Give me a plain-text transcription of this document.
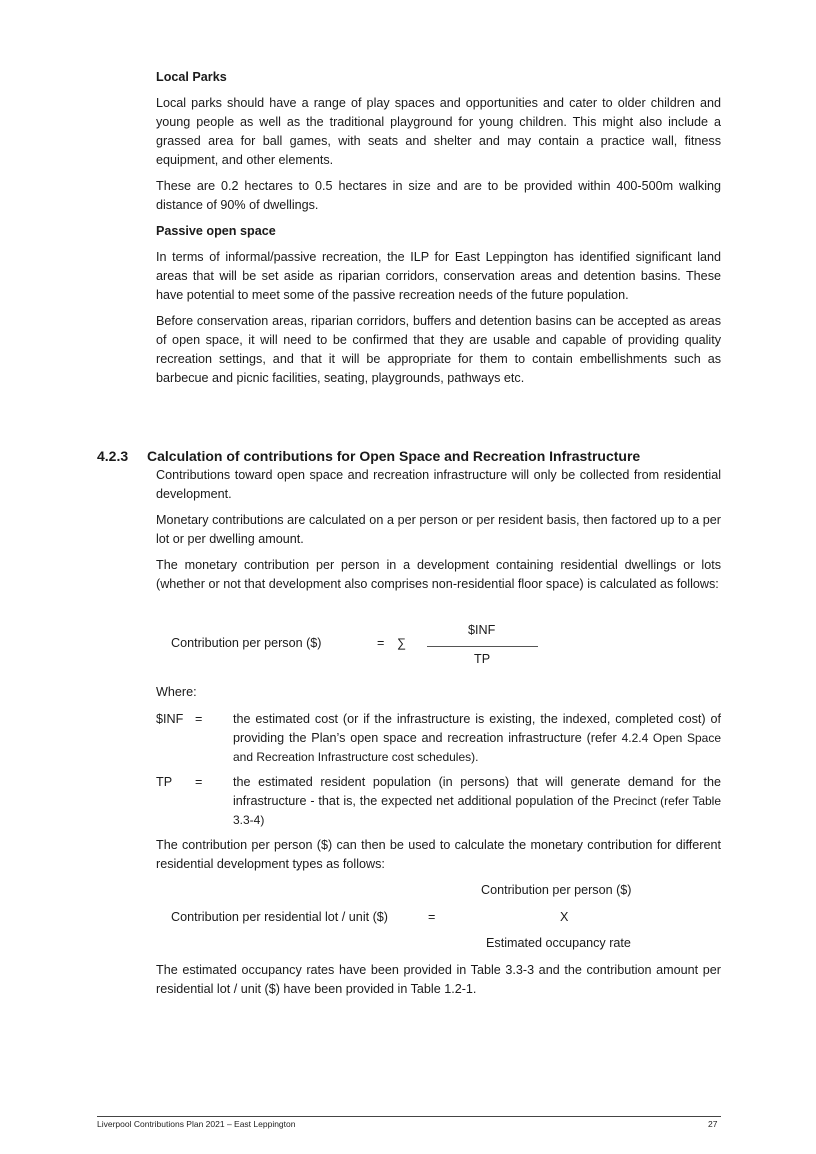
Local Parks

Local parks should have a range of play spaces and opportunities and cater to older children and young people as well as the traditional playground for young children. This might also include a grassed area for ball games, with seats and shelter and may contain a practice wall, fitness equipment, and other elements.

These are 0.2 hectares to 0.5 hectares in size and are to be provided within 400-500m walking distance of 90% of dwellings.

Passive open space

In terms of informal/passive recreation, the ILP for East Leppington has identified significant land areas that will be set aside as riparian corridors, conservation areas and detention basins. These have potential to meet some of the passive recreation needs of the future population.

Before conservation areas, riparian corridors, buffers and detention basins can be accepted as areas of open space, it will need to be confirmed that they are usable and capable of providing quality recreation settings, and that it will be appropriate for them to contain embellishments such as barbecue and picnic facilities, seating, playgrounds, pathways etc.

4.2.3 Calculation of contributions for Open Space and Recreation Infrastructure

Contributions toward open space and recreation infrastructure will only be collected from residential development.

Monetary contributions are calculated on a per person or per resident basis, then factored up to a per lot or per dwelling amount.

The monetary contribution per person in a development containing residential dwellings or lots (whether or not that development also comprises non-residential floor space) is calculated as follows:

Contribution per person ($)	= ∑
$INF
TP
Where:
$INF = the estimated cost (or if the infrastructure is existing, the indexed, completed cost) of providing the Plan’s open space and recreation infrastructure (refer 4.2.4 Open Space and Recreation Infrastructure cost schedules).
TP = the estimated resident population (in persons) that will generate demand for the infrastructure - that is, the expected net additional population of the Precinct (refer Table 3.3-4)

The contribution per person ($) can then be used to calculate the monetary contribution for different residential development types as follows:

Contribution per person ($)
Contribution per residential lot / unit ($)	=	X
Estimated occupancy rate

The estimated occupancy rates have been provided in Table 3.3-3 and the contribution amount per residential lot / unit ($) have been provided in Table 1.2-1.

Liverpool Contributions Plan 2021 – East Leppington	27
